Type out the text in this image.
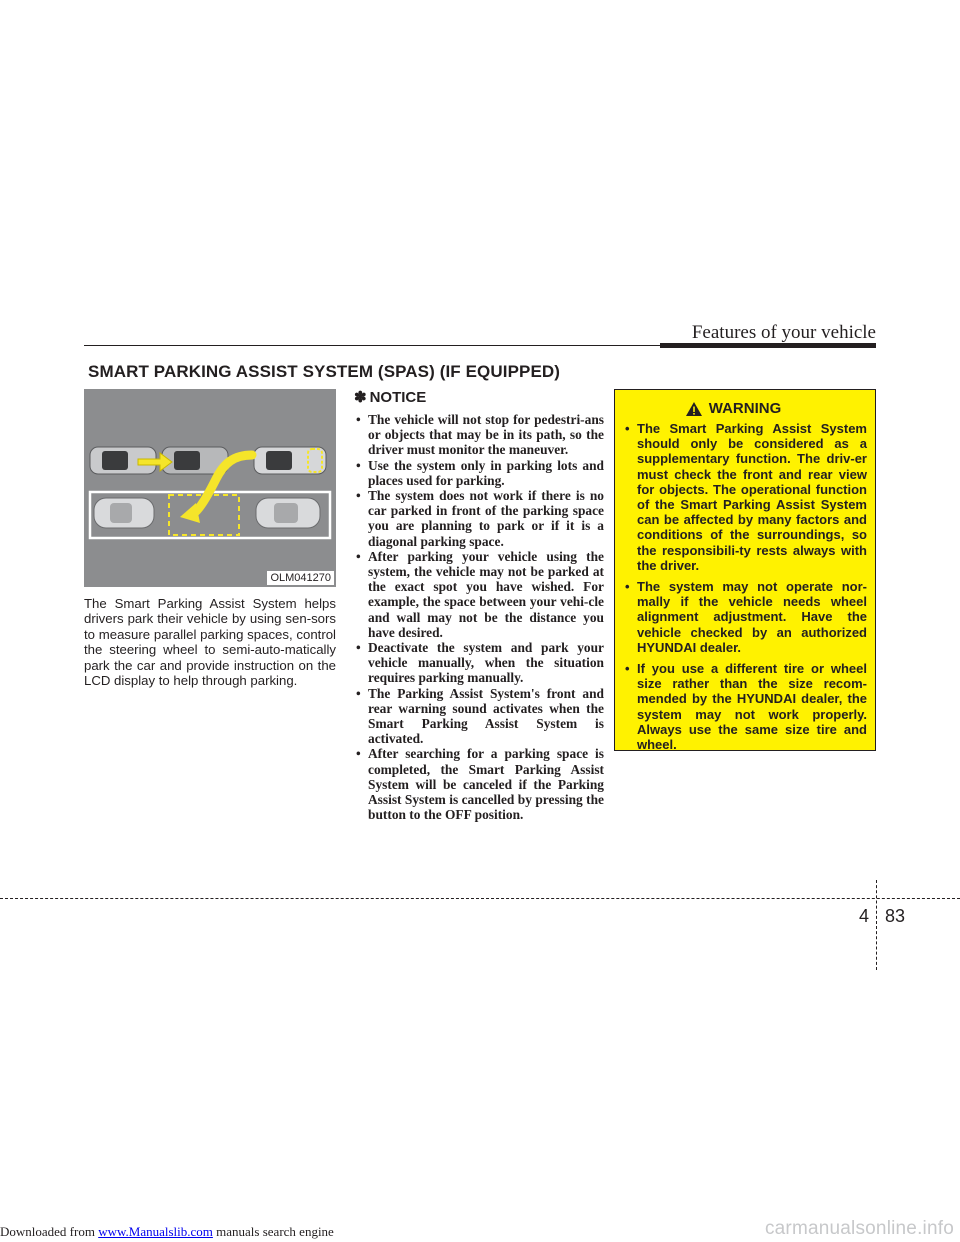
Features of your vehicle
SMART PARKING ASSIST SYSTEM (SPAS) (IF EQUIPPED)
OLM041270
The Smart Parking Assist System helps drivers park their vehicle by using sen-sors to measure parallel parking spaces, control the steering wheel to semi-auto-matically park the car and provide instruction on the LCD display to help through parking.
✽ NOTICE
• The vehicle will not stop for pedestri-ans or objects that may be in its path, so the driver must monitor the maneuver.
• Use the system only in parking lots and places used for parking.
• The system does not work if there is no car parked in front of the parking space you are planning to park or if it is a diagonal parking space.
• After parking your vehicle using the system, the vehicle may not be parked at the exact spot you have wished. For example, the space between your vehi-cle and wall may not be the distance you have desired.
• Deactivate the system and park your vehicle manually, when the situation requires parking manually.
• The Parking Assist System's front and rear warning sound activates when the Smart Parking Assist System is activated.
• After searching for a parking space is completed, the Smart Parking Assist System will be canceled if the Parking Assist System is cancelled by pressing the button to the OFF position.
WARNING
• The Smart Parking Assist System should only be considered as a supplementary function. The driv-er must check the front and rear view for objects. The operational function of the Smart Parking Assist System can be affected by many factors and conditions of the surroundings, so the responsibili-ty rests always with the driver.
• The system may not operate nor-mally if the vehicle needs wheel alignment adjustment. Have the vehicle checked by an authorized HYUNDAI dealer.
• If you use a different tire or wheel size rather than the size recom-mended by the HYUNDAI dealer, the system may not work properly. Always use the same size tire and wheel.
4 83
Downloaded from www.Manualslib.com manuals search engine	carmanualsonline.info
